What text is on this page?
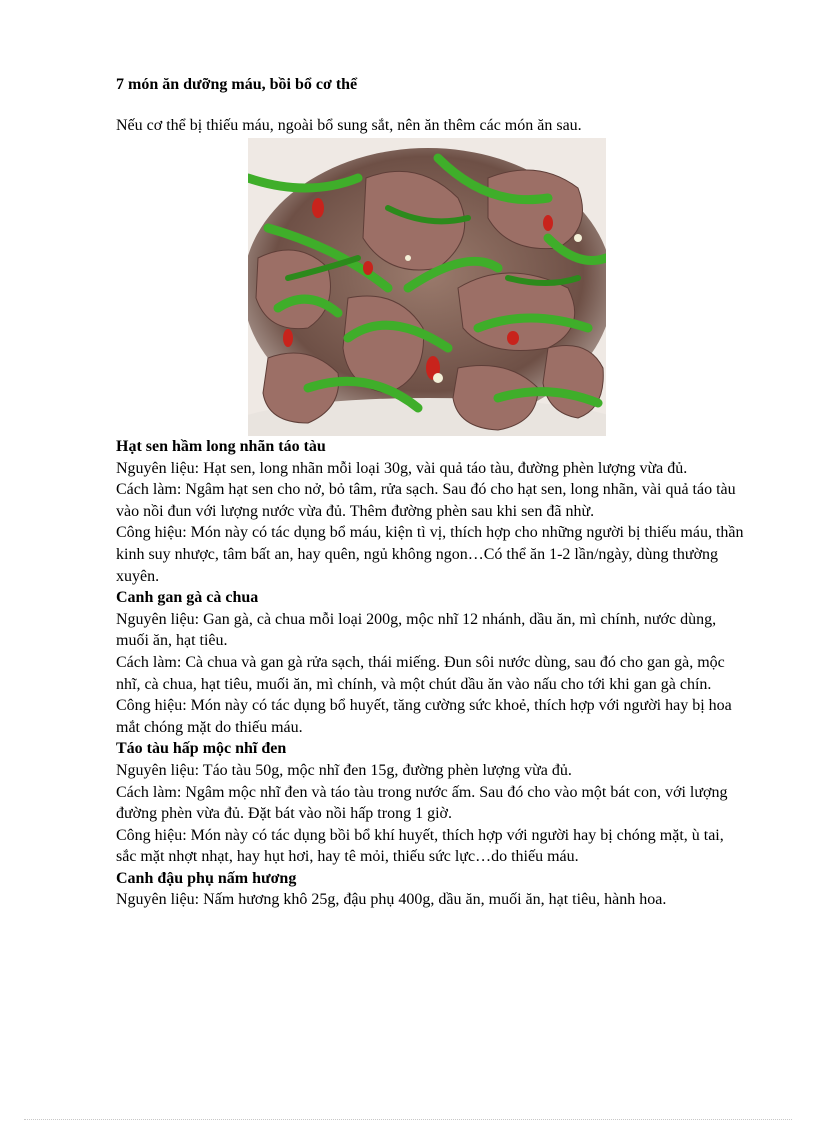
7 món ăn dưỡng máu, bồi bổ cơ thể

Nếu cơ thể bị thiếu máu, ngoài bổ sung sắt, nên ăn thêm các món ăn sau.

Hạt sen hầm long nhãn táo tàu

Nguyên liệu: Hạt sen, long nhãn mỗi loại 30g, vài quả táo tàu, đường phèn lượng vừa đủ.

Cách làm: Ngâm hạt sen cho nở, bỏ tâm, rửa sạch. Sau đó cho hạt sen, long nhãn, vài quả táo tàu vào nồi đun với lượng nước vừa đủ. Thêm đường phèn sau khi sen đã nhừ.

Công hiệu: Món này có tác dụng bổ máu, kiện tì vị, thích hợp cho những người bị thiếu máu, thần kinh suy nhược, tâm bất an, hay quên, ngủ không ngon…Có thể ăn 1-2 lần/ngày, dùng thường xuyên.

Canh gan gà cà chua

Nguyên liệu: Gan gà, cà chua mỗi loại 200g, mộc nhĩ 12 nhánh, dầu ăn, mì chính, nước dùng, muối ăn, hạt tiêu.

Cách làm: Cà chua và gan gà rửa sạch, thái miếng. Đun sôi nước dùng, sau đó cho gan gà, mộc nhĩ, cà chua, hạt tiêu, muối ăn, mì chính, và một chút dầu ăn vào nấu cho tới khi gan gà chín.

Công hiệu: Món này có tác dụng bổ huyết, tăng cường sức khoẻ, thích hợp với người hay bị hoa mắt chóng mặt do thiếu máu.

Táo tàu hấp mộc nhĩ đen

Nguyên liệu: Táo tàu 50g, mộc nhĩ đen 15g, đường phèn lượng vừa đủ.

Cách làm: Ngâm mộc nhĩ đen và táo tàu trong nước ấm. Sau đó cho vào một bát con, với lượng đường phèn vừa đủ. Đặt bát vào nồi hấp trong 1 giờ.

Công hiệu: Món này có tác dụng bồi bổ khí huyết, thích hợp với người hay bị chóng mặt, ù tai, sắc mặt nhợt nhạt, hay hụt hơi, hay tê mỏi, thiếu sức lực…do thiếu máu.

Canh đậu phụ nấm hương

Nguyên liệu: Nấm hương khô 25g, đậu phụ 400g, dầu ăn, muối ăn, hạt tiêu, hành hoa.
